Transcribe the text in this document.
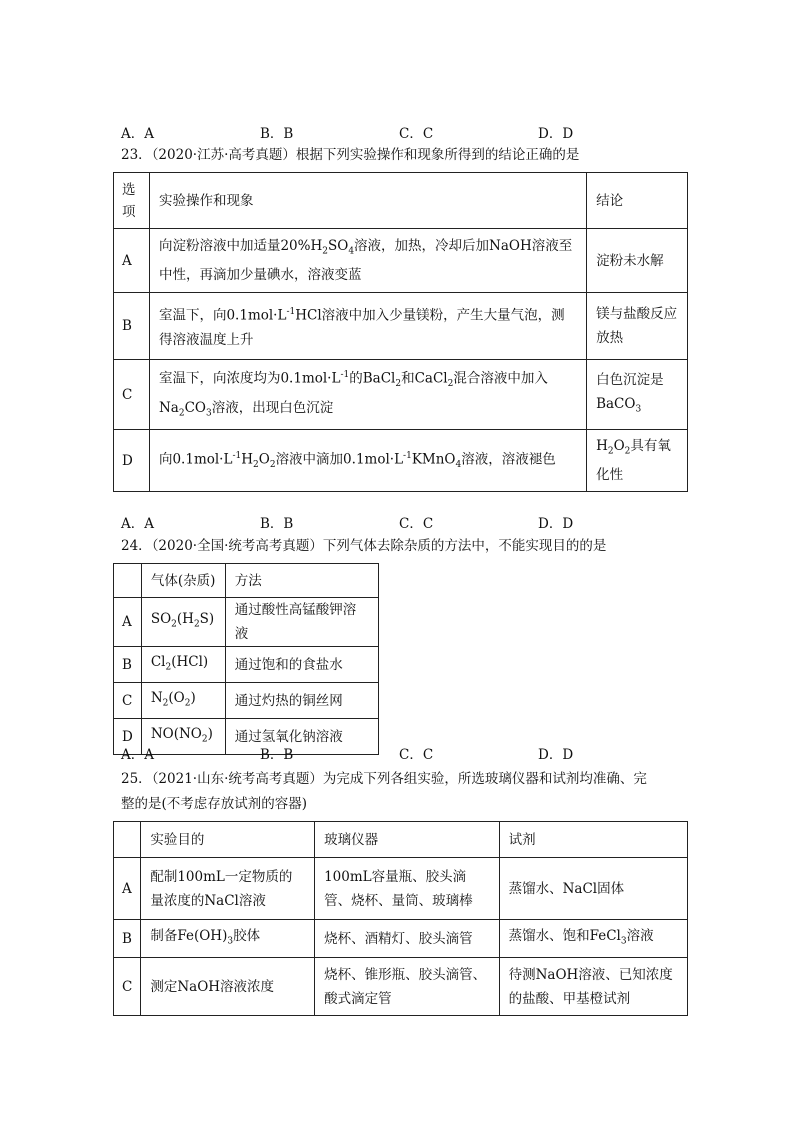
A．A	B．B	C．C	D．D
23．（2020·江苏·高考真题）根据下列实验操作和现象所得到的结论正确的是
选项	实验操作和现象	结论
A	向淀粉溶液中加适量$20\%H_2SO_4$溶液，加热，冷却后加NaOH溶液至中性，再滴加少量碘水，溶液变蓝	淀粉未水解
B	室温下，向$0.1mol\cdot L^{-1}HCl$溶液中加入少量镁粉，产生大量气泡，测得溶液温度上升	镁与盐酸反应放热
C	室温下，向浓度均为$0.1mol\cdot L^{-1}$的BaCl$_2$和CaCl$_2$混合溶液中加入$Na_2CO_3$溶液，出现白色沉淀	白色沉淀是BaCO$_3$
D	向$0.1mol\cdot L^{-1}H_2O_2$溶液中滴加$0.1mol\cdot L^{-1}KMnO_4$溶液，溶液褪色	$H_2O_2$具有氧化性
A．A	B．B	C．C	D．D
24．（2020·全国·统考高考真题）下列气体去除杂质的方法中，不能实现目的的是
	气体(杂质)	方法
A	$SO_2(H_2S)$	通过酸性高锰酸钾溶液
B	$Cl_2(HCl)$	通过饱和的食盐水
C	$N_2(O_2)$	通过灼热的铜丝网
D	$NO(NO_2)$	通过氢氧化钠溶液
A．A	B．B	C．C	D．D
25．（2021·山东·统考高考真题）为完成下列各组实验，所选玻璃仪器和试剂均准确、完
整的是(不考虑存放试剂的容器)
	实验目的	玻璃仪器	试剂
A	配制100mL一定物质的量浓度的NaCl溶液	100mL容量瓶、胶头滴管、烧杯、量筒、玻璃棒	蒸馏水、NaCl固体
B	制备$Fe(OH)_3$胶体	烧杯、酒精灯、胶头滴管	蒸馏水、饱和FeCl$_3$溶液
C	测定NaOH溶液浓度	烧杯、锥形瓶、胶头滴管、酸式滴定管	待测NaOH溶液、已知浓度的盐酸、甲基橙试剂
